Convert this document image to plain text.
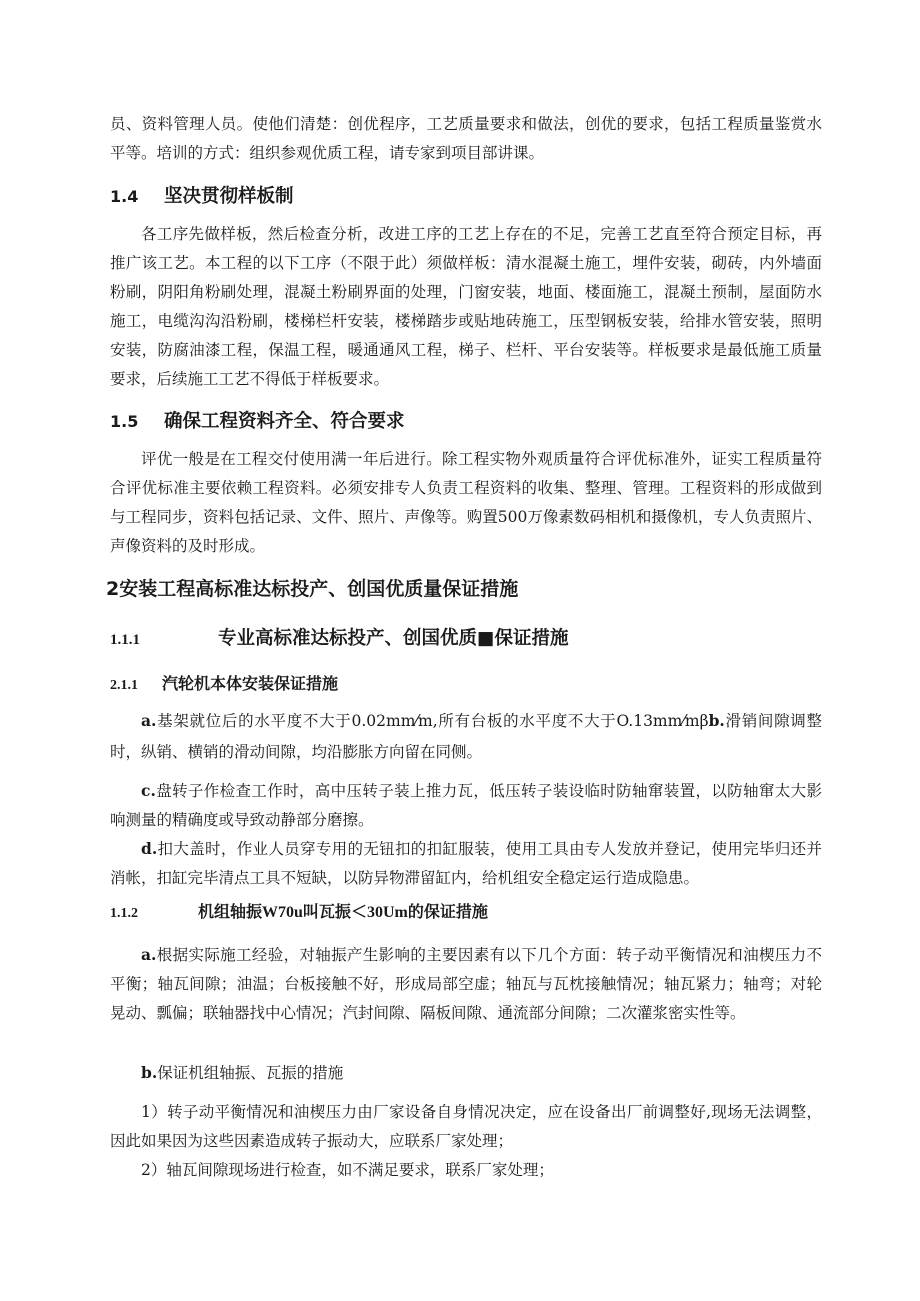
员、资料管理人员。使他们清楚：创优程序，工艺质量要求和做法，创优的要求，包括工程质量鉴赏水平等。培训的方式：组织参观优质工程，请专家到项目部讲课。

1.4 坚决贯彻样板制

各工序先做样板，然后检查分析，改进工序的工艺上存在的不足，完善工艺直至符合预定目标，再推广该工艺。本工程的以下工序（不限于此）须做样板：清水混凝土施工，埋件安装，砌砖，内外墙面粉刷，阴阳角粉刷处理，混凝土粉刷界面的处理，门窗安装，地面、楼面施工，混凝土预制，屋面防水施工，电缆沟沟沿粉刷，楼梯栏杆安装，楼梯踏步或贴地砖施工，压型钢板安装，给排水管安装，照明安装，防腐油漆工程，保温工程，暖通通风工程，梯子、栏杆、平台安装等。样板要求是最低施工质量要求，后续施工工艺不得低于样板要求。

1.5 确保工程资料齐全、符合要求

评优一般是在工程交付使用满一年后进行。除工程实物外观质量符合评优标准外，证实工程质量符合评优标准主要依赖工程资料。必须安排专人负责工程资料的收集、整理、管理。工程资料的形成做到与工程同步，资料包括记录、文件、照片、声像等。购置500万像素数码相机和摄像机，专人负责照片、声像资料的及时形成。

2安装工程高标准达标投产、创国优质量保证措施
1.1.1	专业高标准达标投产、创国优质■保证措施
2.1.1 汽轮机本体安装保证措施

a.基架就位后的水平度不大于0.02mm⁄m,所有台板的水平度不大于O.13mm⁄mβb.滑销间隙调整时，纵销、横销的滑动间隙，均沿膨胀方向留在同侧。

c.盘转子作检查工作时，高中压转子装上推力瓦，低压转子装设临时防轴窜装置，以防轴窜太大影响测量的精确度或导致动静部分磨擦。

d.扣大盖时，作业人员穿专用的无钮扣的扣缸服装，使用工具由专人发放并登记，使用完毕归还并消帐，扣缸完毕清点工具不短缺，以防异物滞留缸内，给机组安全稳定运行造成隐患。

1.1.2	机组轴振W70u叫瓦振＜30Um的保证措施

a.根据实际施工经验，对轴振产生影响的主要因素有以下几个方面：转子动平衡情况和油楔压力不平衡；轴瓦间隙；油温；台板接触不好，形成局部空虚；轴瓦与瓦枕接触情况；轴瓦紧力；轴弯；对轮晃动、瓢偏；联轴器找中心情况；汽封间隙、隔板间隙、通流部分间隙；二次灌浆密实性等。

b.保证机组轴振、瓦振的措施

1）转子动平衡情况和油楔压力由厂家设备自身情况决定，应在设备出厂前调整好,现场无法调整，因此如果因为这些因素造成转子振动大，应联系厂家处理；

2）轴瓦间隙现场进行检查，如不满足要求，联系厂家处理；
